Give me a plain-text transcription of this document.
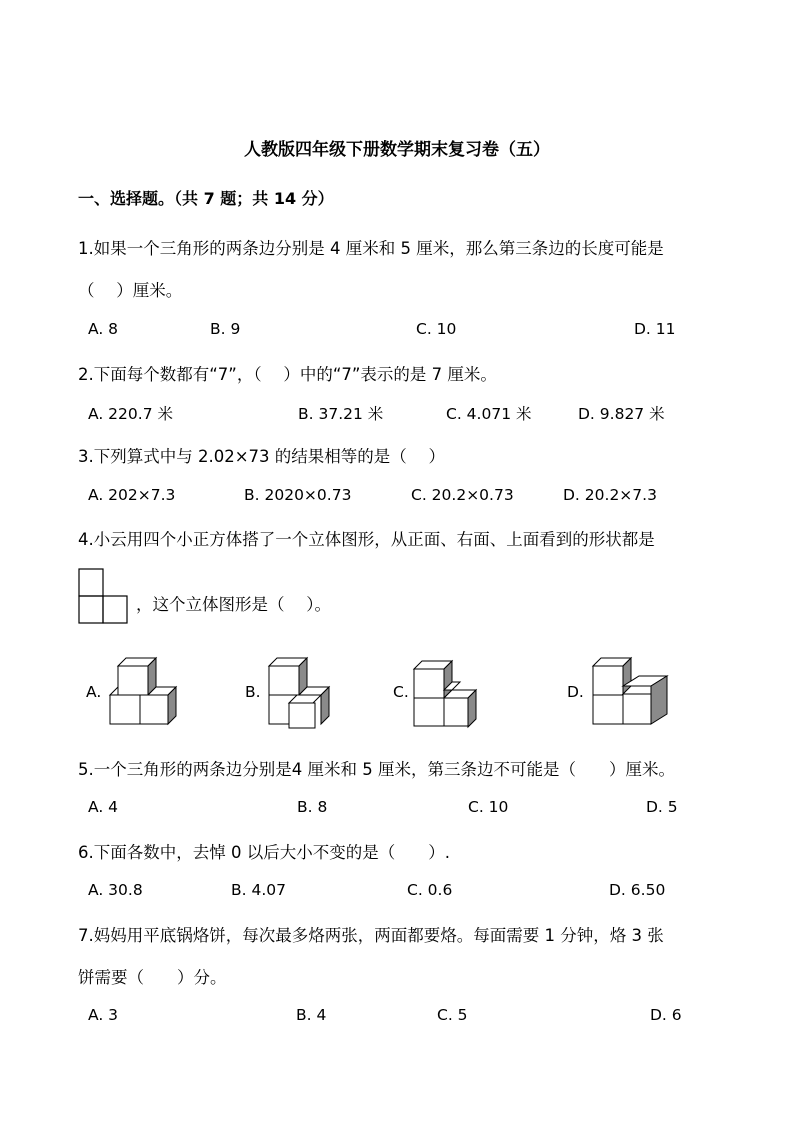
人教版四年级下册数学期末复习卷（五）
一、选择题。（共 7 题；共 14 分）
1.如果一个三角形的两条边分别是 4 厘米和 5 厘米，那么第三条边的长度可能是
（　 ）厘米。
A. 8	B. 9	C. 10	D. 11
2.下面每个数都有“7”，（　 ）中的“7”表示的是 7 厘米。
A. 220.7 米	B. 37.21 米	C. 4.071 米	D. 9.827 米
3.下列算式中与 2.02×73 的结果相等的是（　 ）
A. 202×7.3	B. 2020×0.73	C. 20.2×0.73	D. 20.2×7.3
4.小云用四个小正方体搭了一个立体图形，从正面、右面、上面看到的形状都是
，这个立体图形是（　 ）。
A.	B.	C.	D.
5.一个三角形的两条边分别是4 厘米和 5 厘米，第三条边不可能是（　　）厘米。
A. 4	B. 8	C. 10	D. 5
6.下面各数中，去悼 0 以后大小不变的是（　　）.
A. 30.8	B. 4.07	C. 0.6	D. 6.50
7.妈妈用平底锅烙饼，每次最多烙两张，两面都要烙。每面需要 1 分钟，烙 3 张
饼需要（　　）分。
A. 3	B. 4	C. 5	D. 6
